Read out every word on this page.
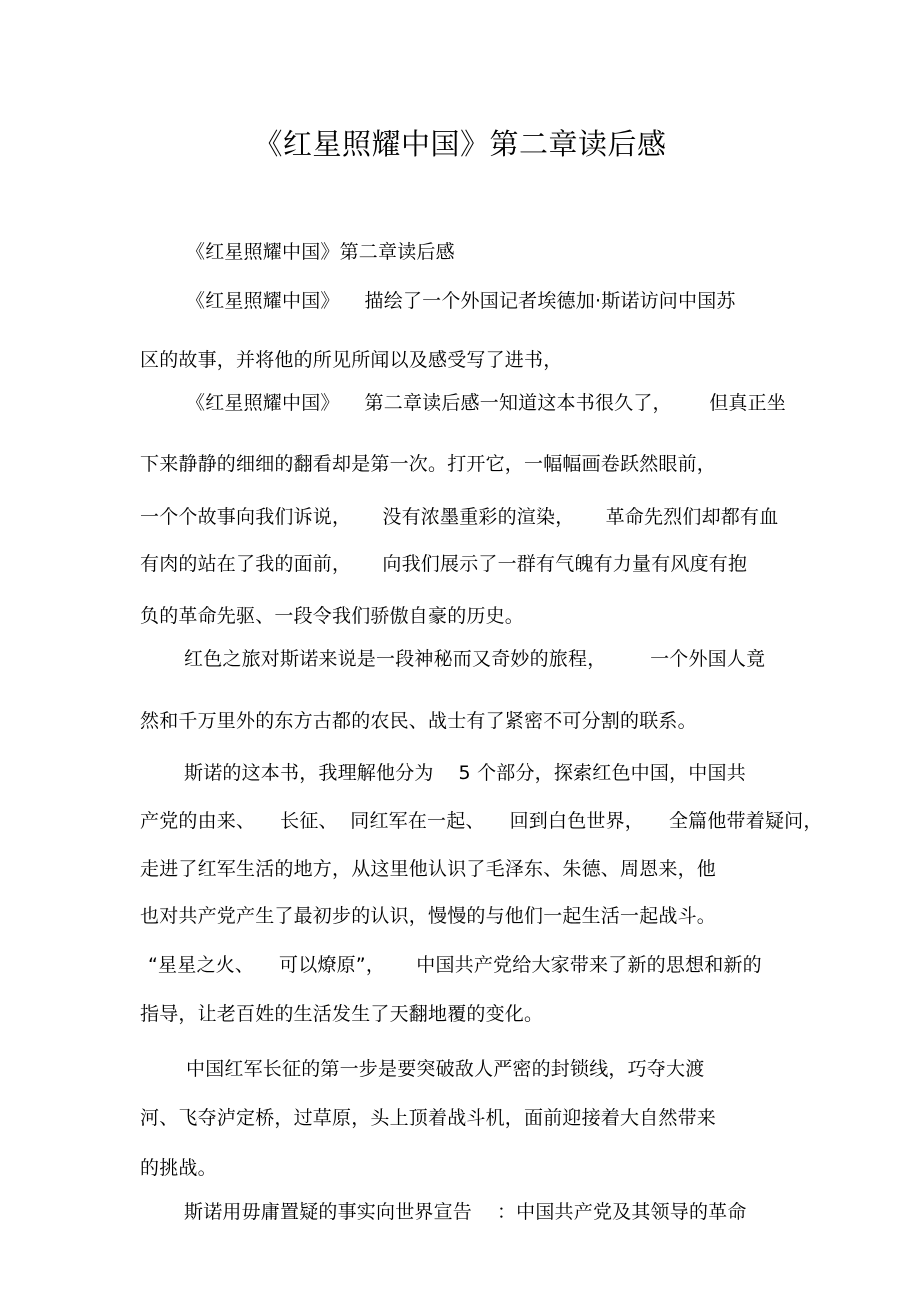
《红星照耀中国》第二章读后感
《红星照耀中国》第二章读后感
《红星照耀中国》    描绘了一个外国记者埃德加·斯诺访问中国苏
区的故事，并将他的所见所闻以及感受写了进书，
《红星照耀中国》    第二章读后感一知道这本书很久了，      但真正坐
下来静静的细细的翻看却是第一次。打开它，一幅幅画卷跃然眼前，
一个个故事向我们诉说，     没有浓墨重彩的渲染，     革命先烈们却都有血
有肉的站在了我的面前，     向我们展示了一群有气魄有力量有风度有抱
负的革命先驱、一段令我们骄傲自豪的历史。
红色之旅对斯诺来说是一段神秘而又奇妙的旅程，       一个外国人竟
然和千万里外的东方古都的农民、战士有了紧密不可分割的联系。
斯诺的这本书，我理解他分为    5 个部分，探索红色中国，中国共
产党的由来、    长征、  同红军在一起、    回到白色世界，    全篇他带着疑问，
走进了红军生活的地方，从这里他认识了毛泽东、朱德、周恩来，他
也对共产党产生了最初步的认识，慢慢的与他们一起生活一起战斗。
“星星之火、    可以燎原”，     中国共产党给大家带来了新的思想和新的
指导，让老百姓的生活发生了天翻地覆的变化。
中国红军长征的第一步是要突破敌人严密的封锁线，巧夺大渡
河、飞夺泸定桥，过草原，头上顶着战斗机，面前迎接着大自然带来
的挑战。
斯诺用毋庸置疑的事实向世界宣告    ：中国共产党及其领导的革命
